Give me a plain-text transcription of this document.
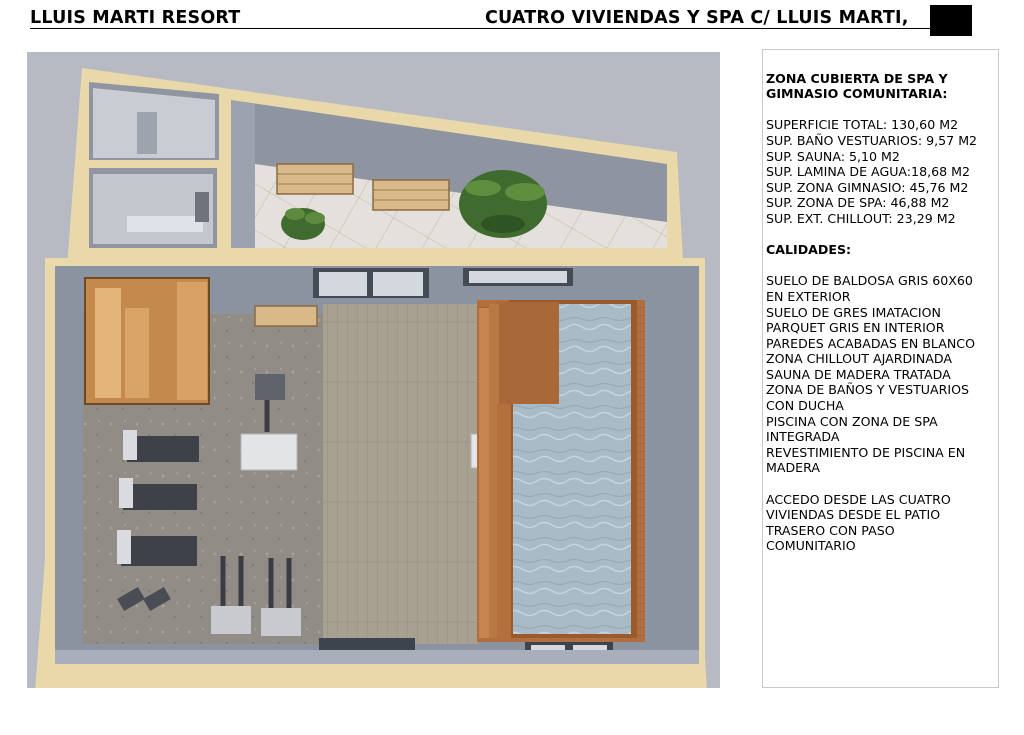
LLUIS MARTI RESORT	CUATRO VIVIENDAS Y SPA C/ LLUIS MARTI,

ZONA CUBIERTA DE SPA Y
GIMNASIO COMUNITARIA:

SUPERFICIE TOTAL: 130,60 M2
SUP. BAÑO VESTUARIOS: 9,57 M2
SUP. SAUNA: 5,10 M2
SUP. LAMINA DE AGUA:18,68 M2
SUP. ZONA GIMNASIO: 45,76 M2
SUP. ZONA DE SPA: 46,88 M2
SUP. EXT. CHILLOUT: 23,29 M2

CALIDADES:

SUELO DE BALDOSA GRIS 60X60
EN EXTERIOR
SUELO DE GRES IMATACION
PARQUET GRIS EN INTERIOR
PAREDES ACABADAS EN BLANCO
ZONA CHILLOUT AJARDINADA
SAUNA DE MADERA TRATADA
ZONA DE BAÑOS Y VESTUARIOS
CON DUCHA
PISCINA CON ZONA DE SPA
INTEGRADA
REVESTIMIENTO DE PISCINA EN
MADERA

ACCEDO DESDE LAS CUATRO
VIVIENDAS DESDE EL PATIO
TRASERO CON PASO
COMUNITARIO
